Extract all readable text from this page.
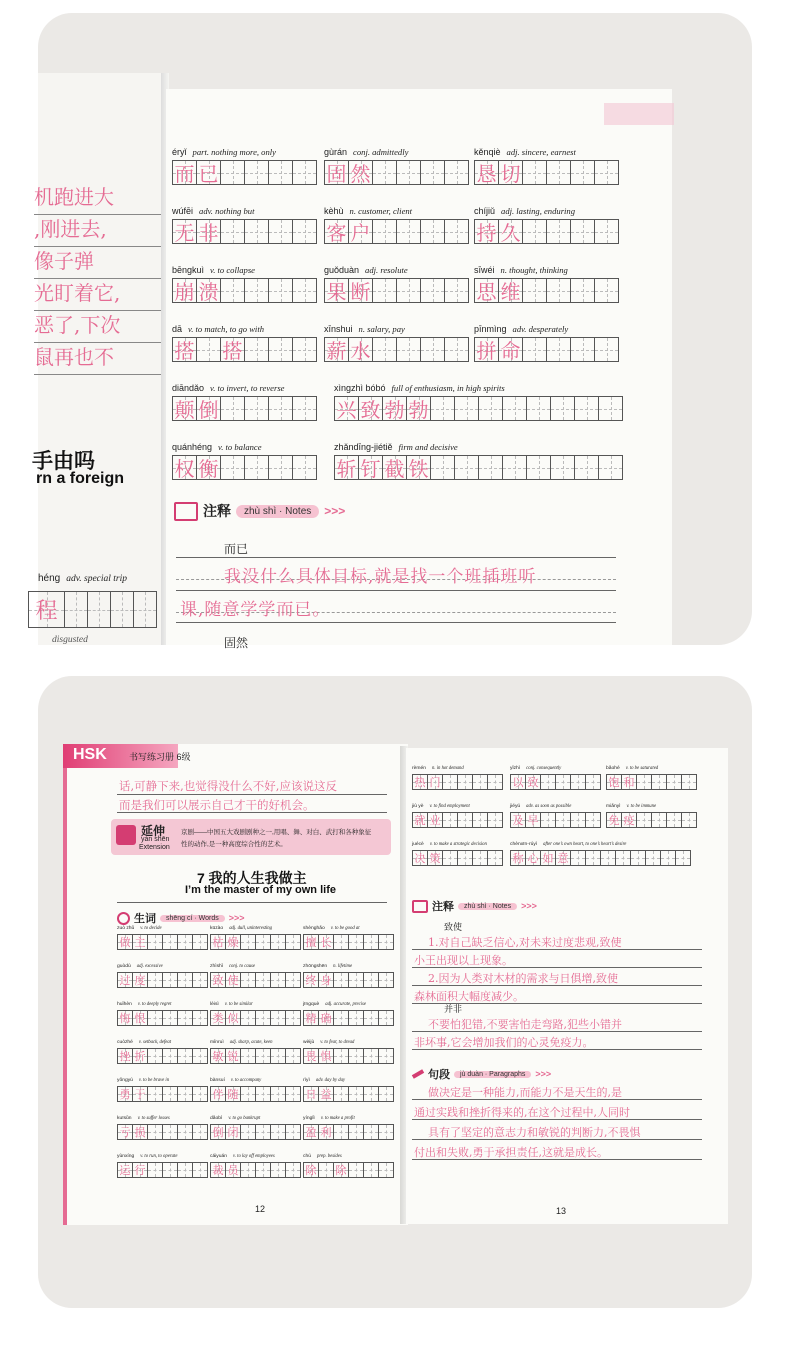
机跑进大
,刚进去,
像子弹
光盯着它,
恶了,下次
鼠再也不
手由吗
rn a foreign
héng adv. special trip
程
disgusted
éryǐ part. nothing more, only
而 已
gùrán conj. admittedly
固 然
kěnqiè adj. sincere, earnest
恳 切
wúfēi adv. nothing but
无 非
kèhù n. customer, client
客 户
chíjiǔ adj. lasting, enduring
持 久
bēngkuì v. to collapse
崩 溃
guǒduàn adj. resolute
果 断
sīwéi n. thought, thinking
思 维
dā v. to match, to go with
搭 搭
xīnshui n. salary, pay
薪 水
pīnmìng adv. desperately
拼 命
diāndǎo v. to invert, to reverse
颠 倒
xìngzhì bóbó full of enthusiasm, in high spirits
兴 致 勃 勃
quánhéng v. to balance
权 衡
zhǎndīng-jiétiě firm and decisive
斩 钉 截 铁
注释	zhù shì · Notes	>>>
而已
我没什么具体目标,就是找一个班插班听
课,随意学学而已。
固然
HSK 书写练习册 6级
话,可静下来,也觉得没什么不好,应该说这反
而是我们可以展示自己才干的好机会。
延伸
yán shēn
Extension
京剧——中国五大戏剧剧种之一,用唱、舞、对白、武打和各种象征
性的动作,是一种高度综合性的艺术。
7 我的人生我做主
I’m the master of my own life
生词	shēng cí · Words	>>>
zuò zhǔ v. to decide
做 主
kūzào adj. dull, uninteresting
枯 燥
shènghǎo v. to be good at
擅 长
guòdù adj. excessive
过 度
zhìshǐ conj. to cause
致 使
zhōngshēn n. lifetime
终 身
huǐhèn v. to deeply regret
悔 恨
lèisì v. to be similar
类 似
jīngquè adj. accurate, precise
精 确
cuòzhé v. setback, defeat
挫 折
mǐnruì adj. sharp, acute, keen
敏 锐
wèijù v. to fear, to dread
畏 惧
yǒngyú v. to be brave in
勇 于
bànsuí v. to accompany
伴 随
rìyì adv. day by day
日 益
kuīsǔn v. to suffer losses
亏 损
dǎobì v. to go bankrupt
倒 闭
yínglì v. to make a profit
盈 利
yùnxíng v. to run, to operate
运 行
cáiyuán v. to lay off employees
裁 员
chú prep. besides
除 除
12
rèmén n. in hot demand
热 门
yǐzhì conj. consequently
以 致
bǎohé v. to be saturated
饱 和
jiù yè v. to find employment
就 业
jiéyú adv. as soon as possible
及 早
miǎnyì v. to be immune
免 疫
juécè v. to make a strategic decision
决 策
chènxīn-rúyì after one’s own heart, to one’s heart’s desire
称 心 如 意
注释	zhù shì · Notes	>>>
致使
1.对自己缺乏信心,对未来过度悲观,致使
小王出现以上现象。
2.因为人类对木材的需求与日俱增,致使
森林面积大幅度减少。
并非
不要怕犯错,不要害怕走弯路,犯些小错并
非坏事,它会增加我们的心灵免疫力。
句段	jù duàn · Paragraphs	>>>
做决定是一种能力,而能力不是天生的,是
通过实践和挫折得来的,在这个过程中,人同时
具有了坚定的意志力和敏锐的判断力,不畏惧
付出和失败,勇于承担责任,这就是成长。
13
